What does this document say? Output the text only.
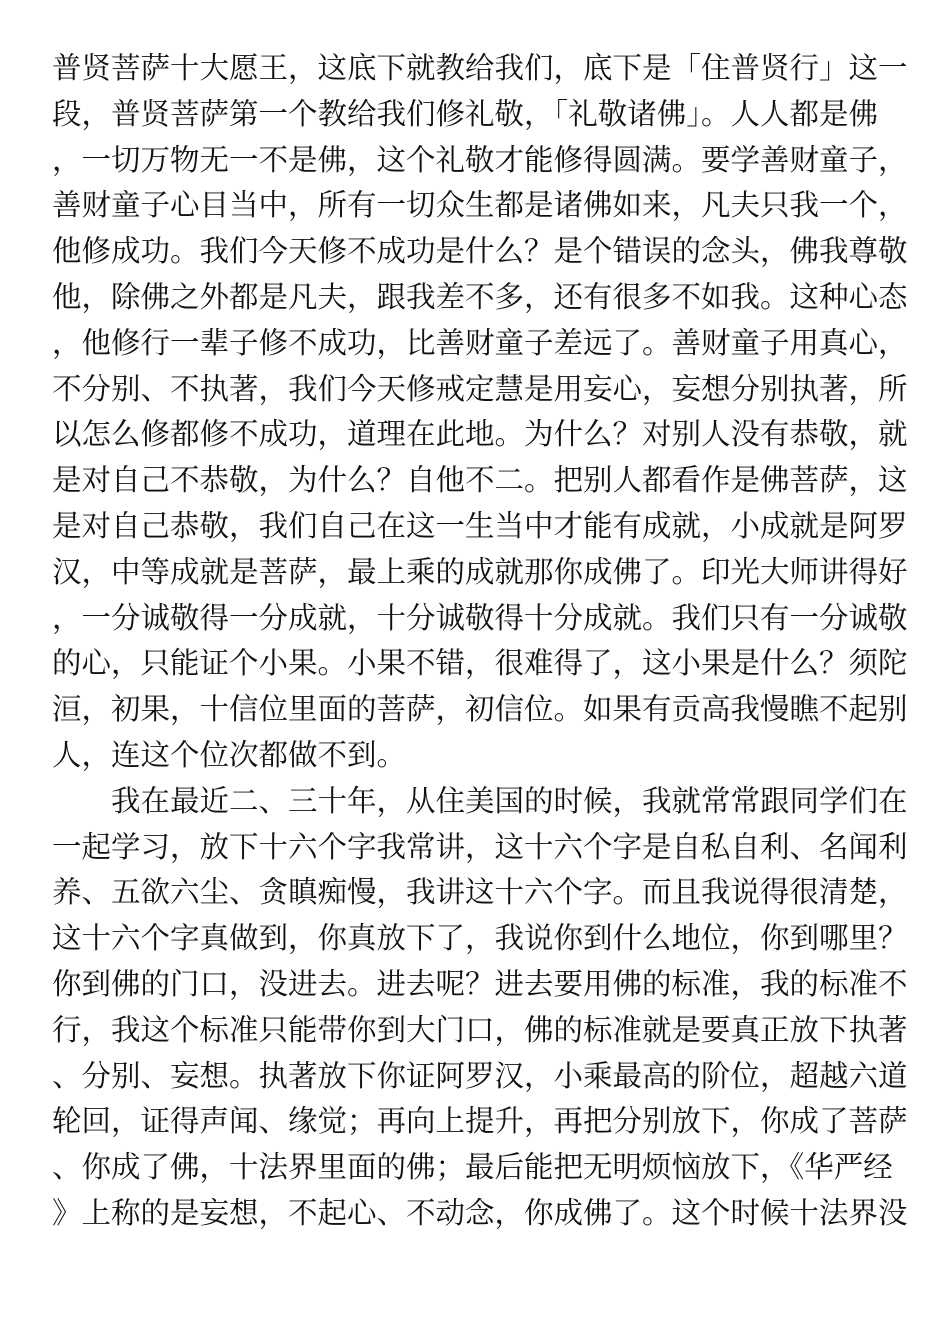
普贤菩萨十大愿王，这底下就教给我们，底下是「住普贤行」这一
段，普贤菩萨第一个教给我们修礼敬，「礼敬诸佛」。人人都是佛
，一切万物无一不是佛，这个礼敬才能修得圆满。要学善财童子，
善财童子心目当中，所有一切众生都是诸佛如来，凡夫只我一个，
他修成功。我们今天修不成功是什么？是个错误的念头，佛我尊敬
他，除佛之外都是凡夫，跟我差不多，还有很多不如我。这种心态
，他修行一辈子修不成功，比善财童子差远了。善财童子用真心，
不分别、不执著，我们今天修戒定慧是用妄心，妄想分别执著，所
以怎么修都修不成功，道理在此地。为什么？对别人没有恭敬，就
是对自己不恭敬，为什么？自他不二。把别人都看作是佛菩萨，这
是对自己恭敬，我们自己在这一生当中才能有成就，小成就是阿罗
汉，中等成就是菩萨，最上乘的成就那你成佛了。印光大师讲得好
，一分诚敬得一分成就，十分诚敬得十分成就。我们只有一分诚敬
的心，只能证个小果。小果不错，很难得了，这小果是什么？须陀
洹，初果，十信位里面的菩萨，初信位。如果有贡高我慢瞧不起别
人，连这个位次都做不到。
我在最近二、三十年，从住美国的时候，我就常常跟同学们在
一起学习，放下十六个字我常讲，这十六个字是自私自利、名闻利
养、五欲六尘、贪瞋痴慢，我讲这十六个字。而且我说得很清楚，
这十六个字真做到，你真放下了，我说你到什么地位，你到哪里？
你到佛的门口，没进去。进去呢？进去要用佛的标准，我的标准不
行，我这个标准只能带你到大门口，佛的标准就是要真正放下执著
、分别、妄想。执著放下你证阿罗汉，小乘最高的阶位，超越六道
轮回，证得声闻、缘觉；再向上提升，再把分别放下，你成了菩萨
、你成了佛，十法界里面的佛；最后能把无明烦恼放下，《华严经
》上称的是妄想，不起心、不动念，你成佛了。这个时候十法界没
